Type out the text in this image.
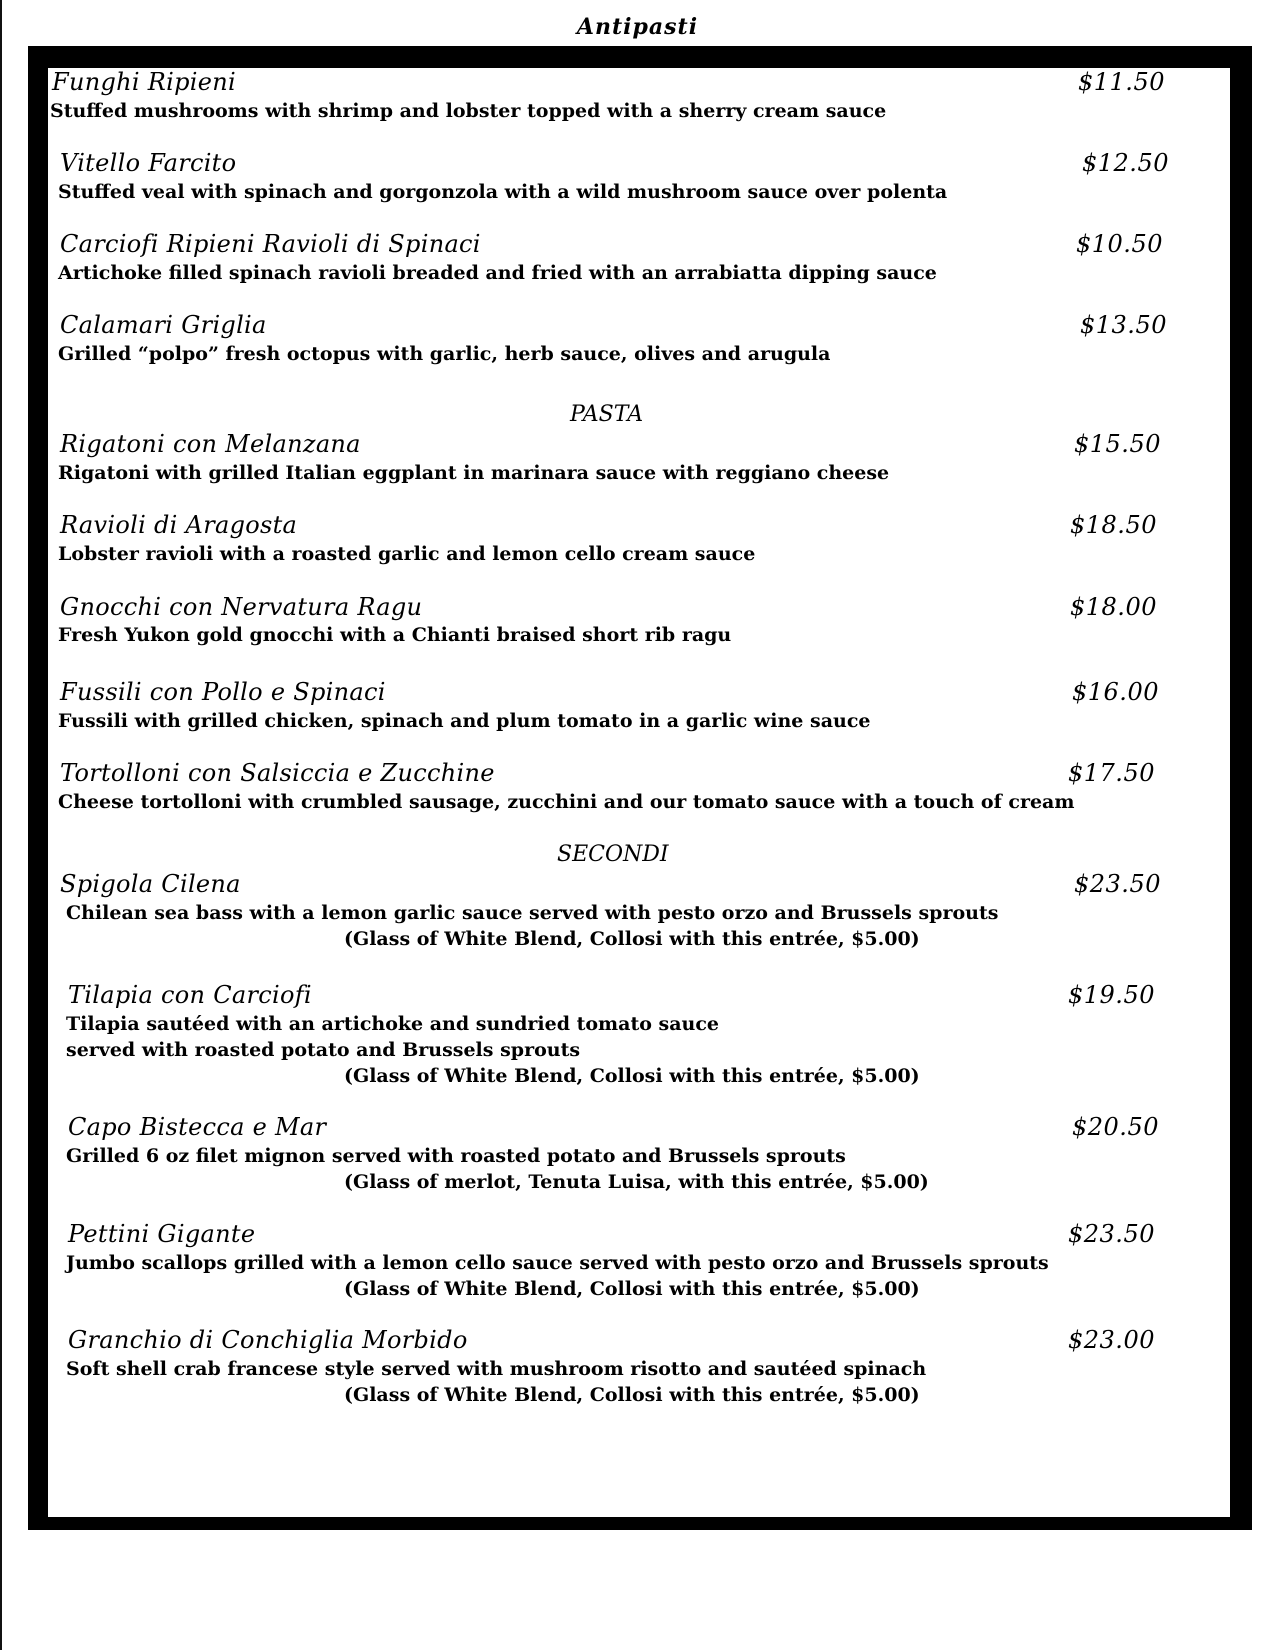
Antipasti
Funghi Ripieni	$11.50
Stuffed mushrooms with shrimp and lobster topped with a sherry cream sauce
Vitello Farcito	$12.50
Stuffed veal with spinach and gorgonzola with a wild mushroom sauce over polenta
Carciofi Ripieni Ravioli di Spinaci	$10.50
Artichoke filled spinach ravioli breaded and fried with an arrabiatta dipping sauce
Calamari Griglia	$13.50
Grilled “polpo” fresh octopus with garlic, herb sauce, olives and arugula
PASTA
Rigatoni con Melanzana	$15.50
Rigatoni with grilled Italian eggplant in marinara sauce with reggiano cheese
Ravioli di Aragosta	$18.50
Lobster ravioli with a roasted garlic and lemon cello cream sauce
Gnocchi con Nervatura Ragu	$18.00
Fresh Yukon gold gnocchi with a Chianti braised short rib ragu
Fussili con Pollo e Spinaci	$16.00
Fussili with grilled chicken, spinach and plum tomato in a garlic wine sauce
Tortolloni con Salsiccia e Zucchine	$17.50
Cheese tortolloni with crumbled sausage, zucchini and our tomato sauce with a touch of cream
SECONDI
Spigola Cilena	$23.50
Chilean sea bass with a lemon garlic sauce served with pesto orzo and Brussels sprouts
(Glass of White Blend, Collosi with this entrée, $5.00)
Tilapia con Carciofi	$19.50
Tilapia sautéed with an artichoke and sundried tomato sauce
served with roasted potato and Brussels sprouts
(Glass of White Blend, Collosi with this entrée, $5.00)
Capo Bistecca e Mar	$20.50
Grilled 6 oz filet mignon served with roasted potato and Brussels sprouts
(Glass of merlot, Tenuta Luisa, with this entrée, $5.00)
Pettini Gigante	$23.50
Jumbo scallops grilled with a lemon cello sauce served with pesto orzo and Brussels sprouts
(Glass of White Blend, Collosi with this entrée, $5.00)
Granchio di Conchiglia Morbido	$23.00
Soft shell crab francese style served with mushroom risotto and sautéed spinach
(Glass of White Blend, Collosi with this entrée, $5.00)
